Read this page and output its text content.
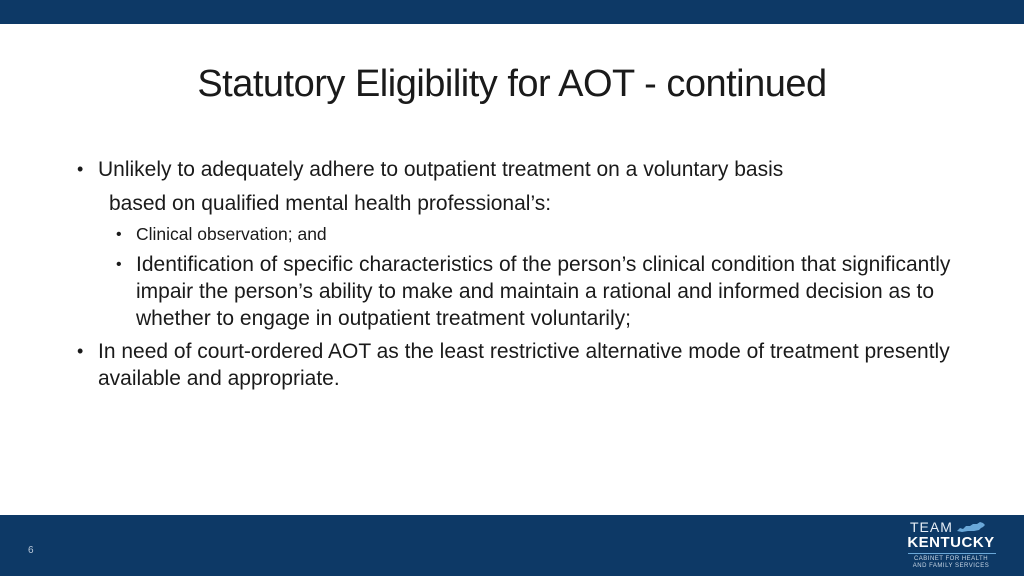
Statutory Eligibility for AOT - continued
• Unlikely to adequately adhere to outpatient treatment on a voluntary basis
based on qualified mental health professional’s:
• Clinical observation; and
• Identification of specific characteristics of the person’s clinical condition that significantly impair the person’s ability to make and maintain a rational and informed decision as to whether to engage in outpatient treatment voluntarily;
• In need of court-ordered AOT as the least restrictive alternative mode of treatment presently available and appropriate.
6
TEAM
KENTUCKY
CABINET FOR HEALTH
AND FAMILY SERVICES
